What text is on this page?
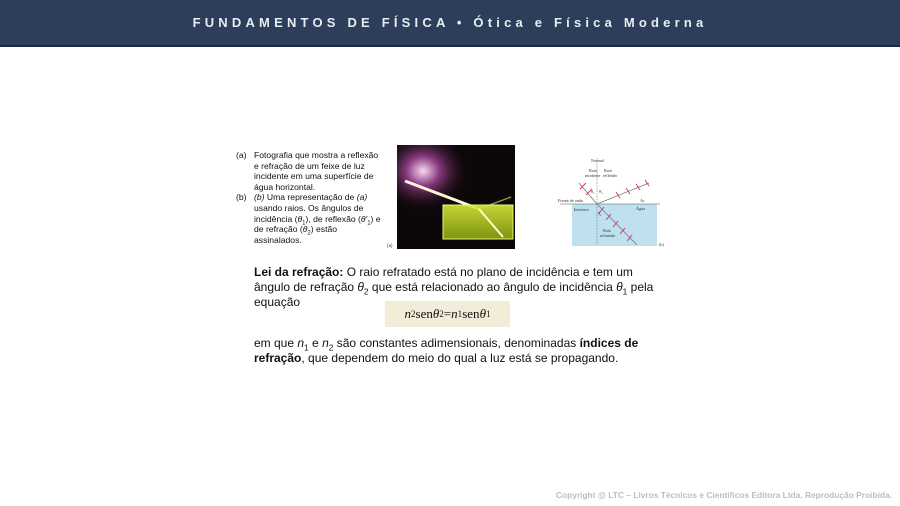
FUNDAMENTOS DE FÍSICA • Ótica e Física Moderna
(a) Fotografia que mostra a reflexão e refração de um feixe de luz incidente em uma superfície de água horizontal.
(b) (b) Uma representação de (a) usando raios. Os ângulos de incidência $(\theta_1)$, de reflexão $(\theta'_1)$ e de refração $(\theta_2)$ estão assinalados.
(a)
Normal
Raio
incidente
Raio
refletido
θ₁ θ′₁
θ₂
Frente de onda	Ar
Água
Interface
Raio
refratado
(b)
Lei da refração: O raio refratado está no plano de incidência e tem um ângulo de refração $\theta_2$ que está relacionado ao ângulo de incidência $\theta_1$ pela equação
n 2 sen θ 2 = n 1 sen θ 1
em que $n_1$ e $n_2$ são constantes adimensionais, denominadas índices de refração, que dependem do meio do qual a luz está se propagando.
Copyright @ LTC – Livros Técnicos e Científicos Editora Ltda. Reprodução Proibida.
